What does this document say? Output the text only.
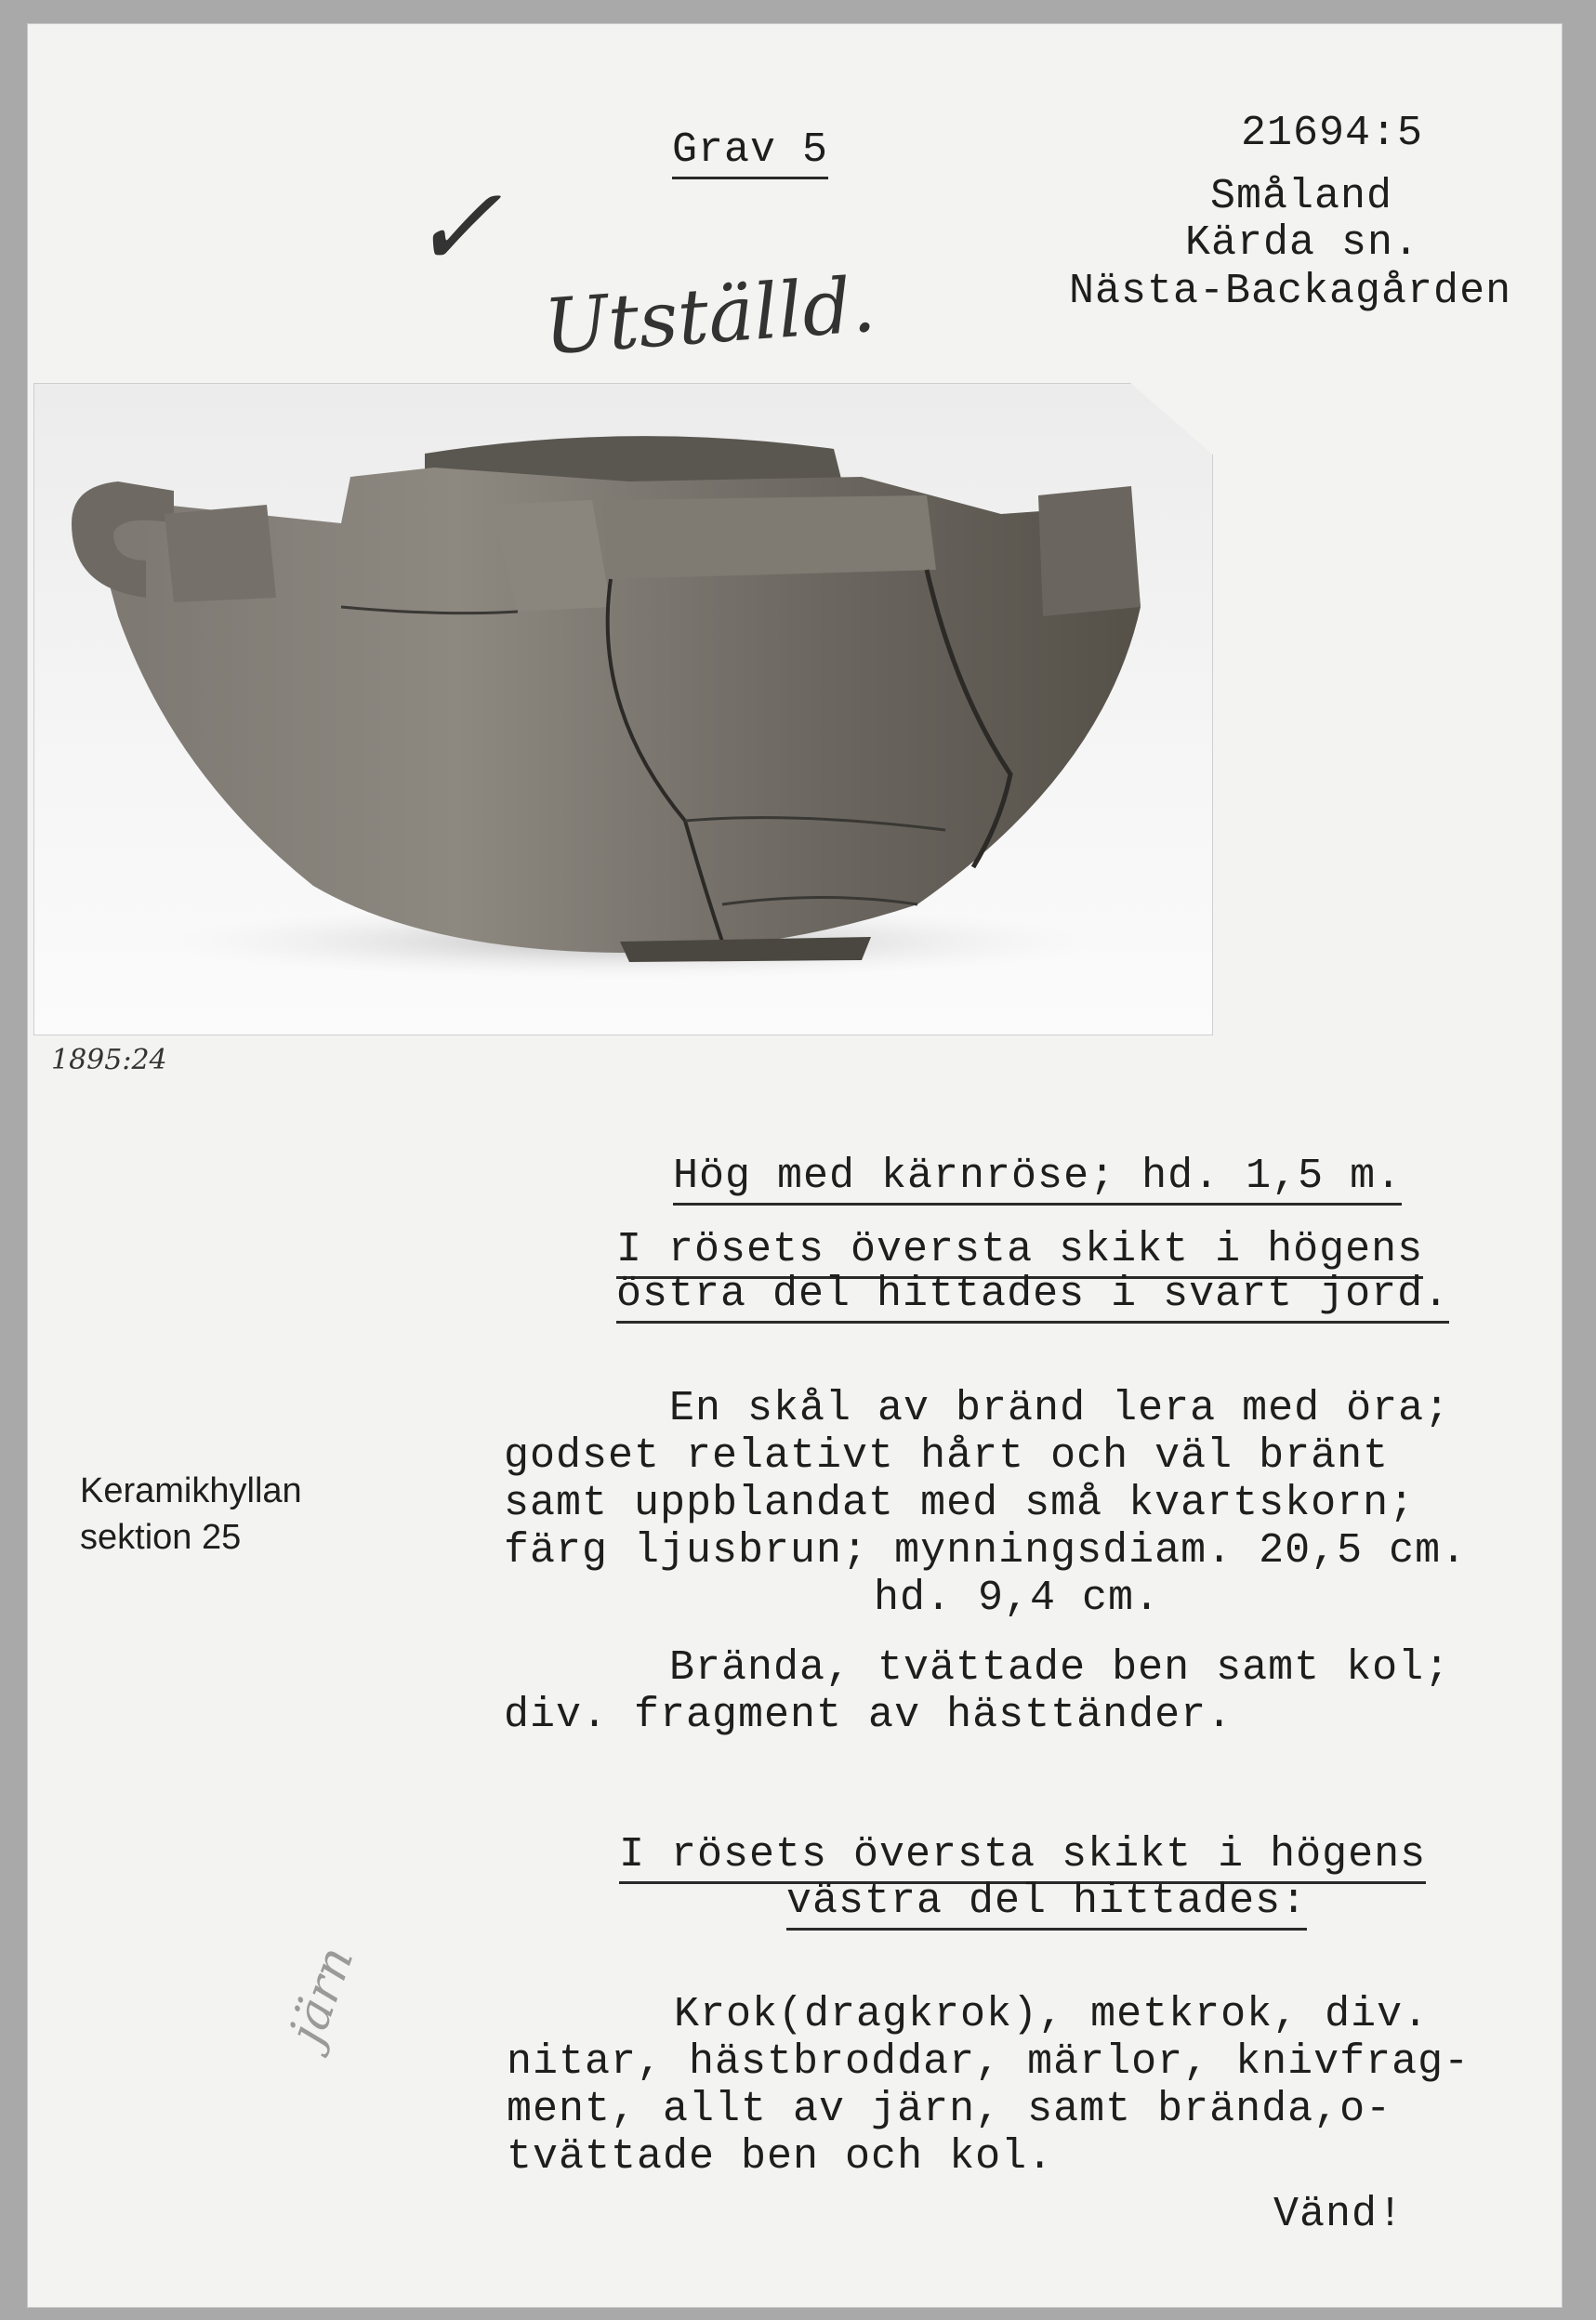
Grav 5	21694:5
Småland
Kärda sn.
Nästa-Backagården
✓
Utställd.
1895:24
Hög med kärnröse; hd. 1,5 m.
I rösets översta skikt i högens
östra del hittades i svart jord.
En skål av bränd lera med öra;
godset relativt hårt och väl bränt
samt uppblandat med små kvartskorn;
färg ljusbrun; mynningsdiam. 20,5 cm.
hd. 9,4 cm.
Brända, tvättade ben samt kol;
div. fragment av hästtänder.
I rösets översta skikt i högens
västra del hittades:
Krok(dragkrok), metkrok, div.
nitar, hästbroddar, märlor, knivfrag-
ment, allt av järn, samt brända,o-
tvättade ben och kol.
Vänd!
Keramikhyllan
sektion 25
järn
